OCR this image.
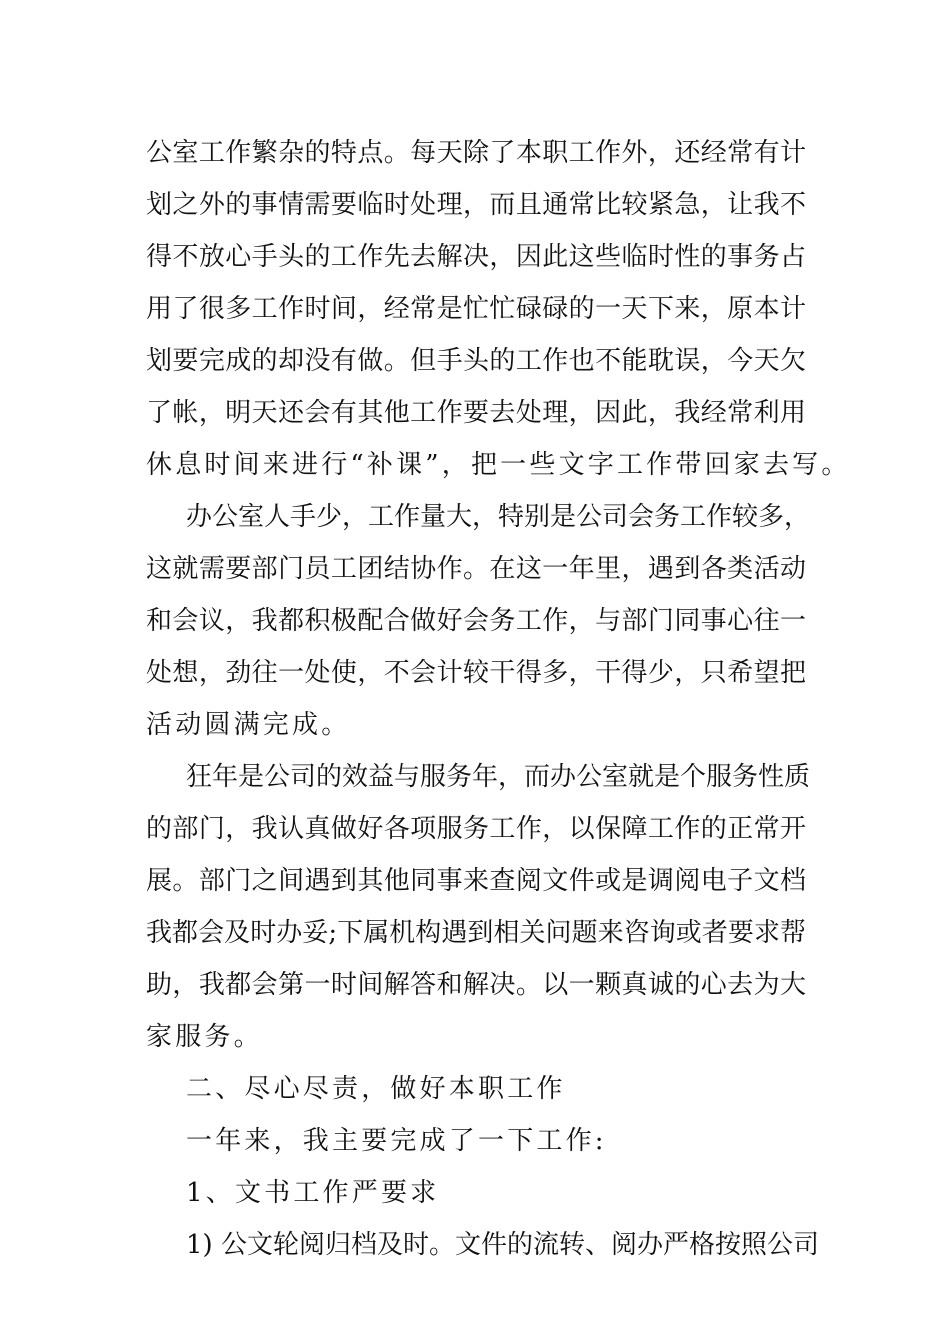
公室工作繁杂的特点。每天除了本职工作外，还经常有计
划之外的事情需要临时处理，而且通常比较紧急，让我不
得不放心手头的工作先去解决，因此这些临时性的事务占
用了很多工作时间，经常是忙忙碌碌的一天下来，原本计
划要完成的却没有做。但手头的工作也不能耽误，今天欠
了帐，明天还会有其他工作要去处理，因此，我经常利用
休息时间来进行“补课”，把一些文字工作带回家去写。
办公室人手少，工作量大，特别是公司会务工作较多，
这就需要部门员工团结协作。在这一年里，遇到各类活动
和会议，我都积极配合做好会务工作，与部门同事心往一
处想，劲往一处使，不会计较干得多，干得少，只希望把
活动圆满完成。
狂年是公司的效益与服务年，而办公室就是个服务性质
的部门，我认真做好各项服务工作，以保障工作的正常开
展。部门之间遇到其他同事来查阅文件或是调阅电子文档
我都会及时办妥;下属机构遇到相关问题来咨询或者要求帮
助，我都会第一时间解答和解决。以一颗真诚的心去为大
家服务。
二、尽心尽责，做好本职工作
一年来，我主要完成了一下工作:
1、文书工作严要求
1) 公文轮阅归档及时。文件的流转、阅办严格按照公司
